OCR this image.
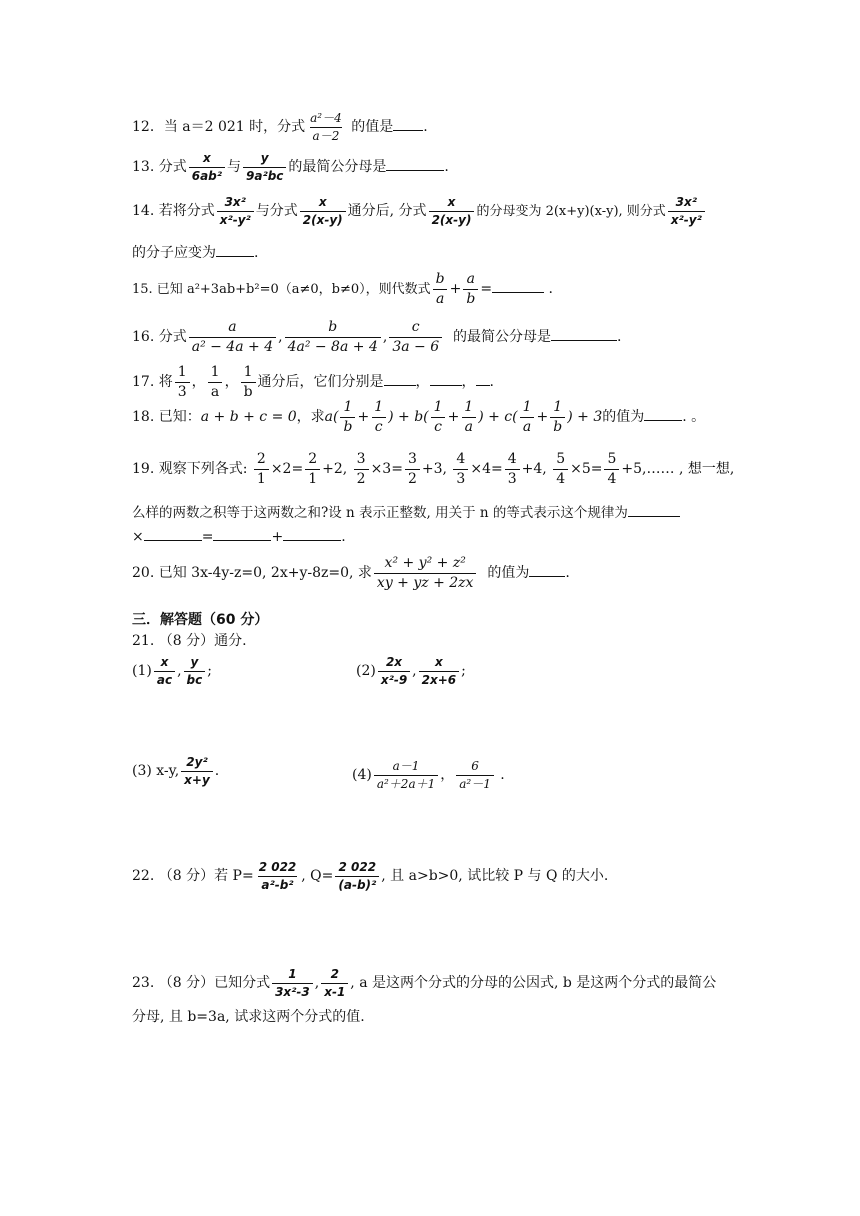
12．当 a＝2 021 时，分式 $\frac{\text{a²－4}}{a-2}$ 的值是 .
13. 分式 $\frac{x}{\text{6ab²}}$ 与 $\frac{y}{\text{9a²bc}}$ 的最简公分母是	.
14. 若将分式 $\frac{\text{3x²}}{\text{x²-y²}}$ 与分式 $\frac{x}{2(x-y)}$ 通分后, 分式 $\frac{x}{2(x-y)}$ 的分母变为 2(x+y)(x-y), 则分式 $\frac{\text{3x²}}{\text{x²-y²}}$
的分子应变为	.
15. 已知 a²+3ab+b²=0（a≠0，b≠0），则代数式 $\frac{b}{a} + \frac{a}{b}$ =	.
16. 分式 $\frac{a}{\text{a² − 4a + 4}}$ , $\frac{b}{\text{4a² − 8a + 4}}$ , $\frac{c}{3a - 6}$ 的最简公分母是	.
17. 将 $\frac{1}{3}$ ， $\frac{1}{a}$ ， $\frac{1}{b}$ 通分后，它们分别是 ， ， .
18. 已知：a + b + c = 0，求$a( \frac{1}{b} + \frac{1}{c}$ ) + $b( \frac{1}{c} + \frac{1}{a}$ ) + $c( \frac{1}{a} + \frac{1}{b}$ ) + 3的值为	. 。
19. 观察下列各式: $\frac{2}{1} \times 2= \frac{2}{1} +2$, $\frac{3}{2} \times 3= \frac{3}{2} +3$, $\frac{4}{3} \times 4= \frac{4}{3} +4$, $\frac{5}{4} \times 5= \frac{5}{4}$ +5,…… , 想一想,
么样的两数之积等于这两数之和?设 n 表示正整数, 用关于 n 的等式表示这个规律为
×	=	+	.
20. 已知 3x-4y-z=0, 2x+y-8z=0, 求 $\frac{\text{x² + y² + z²}}{xy + yz + 2zx}$ 的值为	.
三．解答题（60 分）
21. （8 分）通分.
$(1) \frac{x}{ac}$ , $\frac{y}{bc}$ ;	$(2) \frac{2x}{\text{x²-9}}$ , $\frac{x}{2x+6}$ ;
(3) x-y, $\frac{\text{2y²}}{x+y}$ .	$(4) \frac{a-1}{\text{a²＋2a＋1}}$ ， $\frac{6}{\text{a²－1}}$ .
22. （8 分）若 $P= \frac{2 022}{\text{a²-b²}}$ , $Q= \frac{2 022}{\text{(a-b)²}}$ , 且 a>b>0, 试比较 P 与 Q 的大小.
23. （8 分）已知分式 $\frac{1}{\text{3x²-3}}$ , $\frac{2}{x-1}$ , a 是这两个分式的分母的公因式, b 是这两个分式的最简公
分母, 且 b=3a, 试求这两个分式的值.
